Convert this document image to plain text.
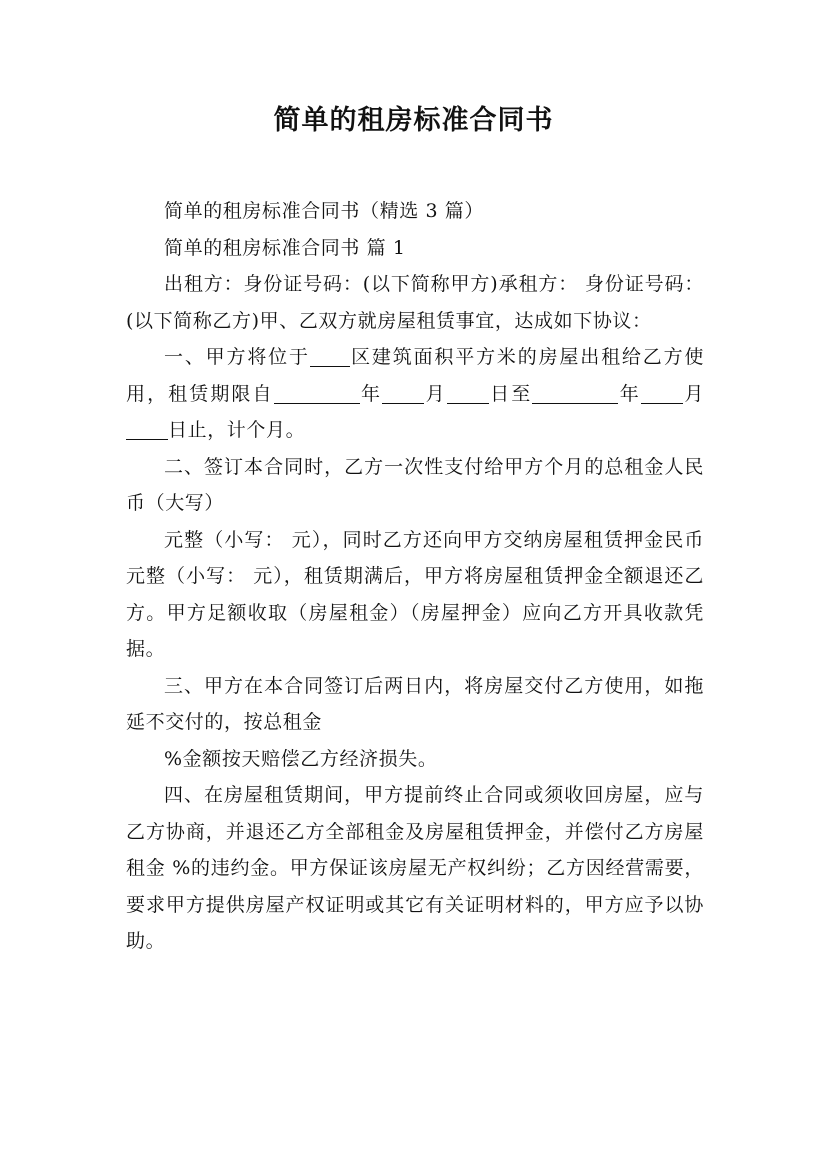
简单的租房标准合同书

简单的租房标准合同书（精选 3 篇）

简单的租房标准合同书 篇 1

出租方：身份证号码：(以下简称甲方)承租方： 身份证号码：(以下简称乙方)甲、乙双方就房屋租赁事宜，达成如下协议：

一、甲方将位于 区建筑面积平方米的房屋出租给乙方使用，租赁期限自	年 月 日至	年 月日止，计个月。

二、签订本合同时，乙方一次性支付给甲方个月的总租金人民币（大写）

元整（小写： 元），同时乙方还向甲方交纳房屋租赁押金民币 元整（小写： 元），租赁期满后，甲方将房屋租赁押金全额退还乙方。甲方足额收取（房屋租金）（房屋押金）应向乙方开具收款凭据。

三、甲方在本合同签订后两日内，将房屋交付乙方使用，如拖延不交付的，按总租金

%金额按天赔偿乙方经济损失。

四、在房屋租赁期间，甲方提前终止合同或须收回房屋，应与乙方协商，并退还乙方全部租金及房屋租赁押金，并偿付乙方房屋租金 %的违约金。甲方保证该房屋无产权纠纷；乙方因经营需要，要求甲方提供房屋产权证明或其它有关证明材料的，甲方应予以协助。
